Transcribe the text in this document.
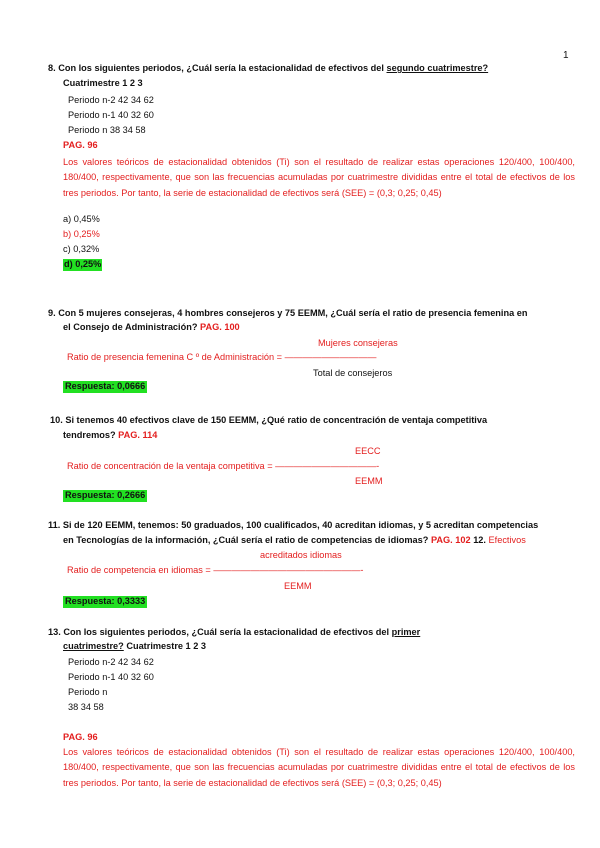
1
8. Con los siguientes periodos, ¿Cuál sería la estacionalidad de efectivos del segundo cuatrimestre?
Cuatrimestre 1 2 3
Periodo n-2 42 34 62
Periodo n-1 40 32 60
Periodo n 38 34 58
PAG. 96
Los valores teóricos de estacionalidad obtenidos (Ti) son el resultado de realizar estas operaciones 120/400, 100/400, 180/400, respectivamente, que son las frecuencias acumuladas por cuatrimestre divididas entre el total de efectivos de los tres periodos. Por tanto, la serie de estacionalidad de efectivos será (SEE) = (0,3; 0,25; 0,45)
a) 0,45%
b) 0,25%
c) 0,32%
d) 0,25%
9. Con 5 mujeres consejeras, 4 hombres consejeros y 75 EEMM, ¿Cuál sería el ratio de presencia femenina en
el Consejo de Administración? PAG. 100
Mujeres consejeras
Ratio de presencia femenina C º de Administración = ——————————
Total de consejeros
Respuesta: 0,0666
10. Si tenemos 40 efectivos clave de 150 EEMM, ¿Qué ratio de concentración de ventaja competitiva
tendremos? PAG. 114
EECC
Ratio de concentración de la ventaja competitiva = ———————————-
EEMM
Respuesta: 0,2666
11. Si de 120 EEMM, tenemos: 50 graduados, 100 cualificados, 40 acreditan idiomas, y 5 acreditan competencias
en Tecnologías de la información, ¿Cuál sería el ratio de competencias de idiomas? PAG. 102 12. Efectivos
acreditados idiomas
Ratio de competencia en idiomas = ————————————————-
EEMM
Respuesta: 0,3333
13. Con los siguientes periodos, ¿Cuál sería la estacionalidad de efectivos del primer
cuatrimestre? Cuatrimestre 1 2 3
Periodo n-2 42 34 62
Periodo n-1 40 32 60
Periodo n
38 34 58
PAG. 96
Los valores teóricos de estacionalidad obtenidos (Ti) son el resultado de realizar estas operaciones 120/400, 100/400, 180/400, respectivamente, que son las frecuencias acumuladas por cuatrimestre divididas entre el total de efectivos de los tres periodos. Por tanto, la serie de estacionalidad de efectivos será (SEE) = (0,3; 0,25; 0,45)
